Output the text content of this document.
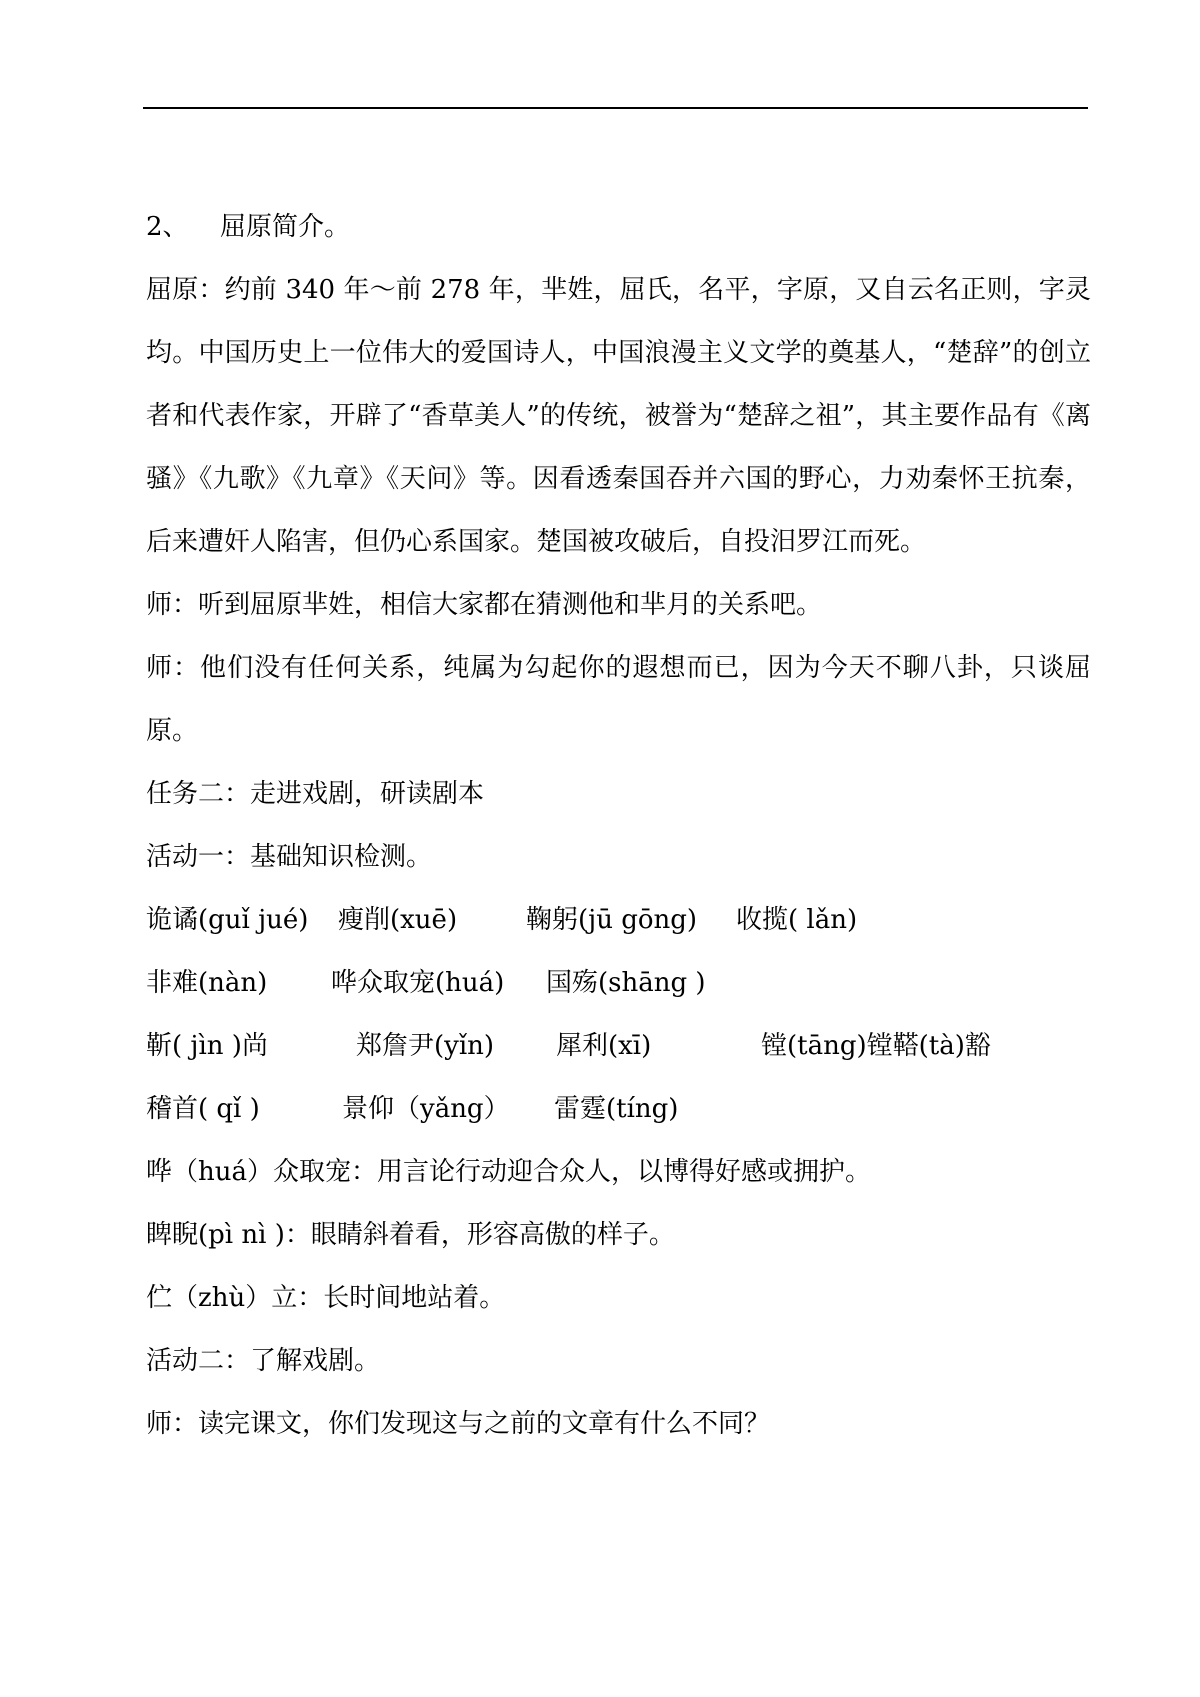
2、 屈原简介。

屈原：约前 340 年～前 278 年，芈姓，屈氏，名平，字原，又自云名正则，字灵均。中国历史上一位伟大的爱国诗人，中国浪漫主义文学的奠基人，“楚辞”的创立者和代表作家，开辟了“香草美人”的传统，被誉为“楚辞之祖”，其主要作品有《离骚》《九歌》《九章》《天问》等。因看透秦国吞并六国的野心，力劝秦怀王抗秦，后来遭奸人陷害，但仍心系国家。楚国被攻破后，自投汨罗江而死。

师：听到屈原芈姓，相信大家都在猜测他和芈月的关系吧。

师：他们没有任何关系，纯属为勾起你的遐想而已，因为今天不聊八卦，只谈屈原。

任务二：走进戏剧，研读剧本

活动一：基础知识检测。

诡谲(guǐ jué) 瘦削(xuē)	鞠躬(jū gōng) 收揽( lǎn)

非难(nàn) 哗众取宠(huá) 国殇(shāng )

靳( jìn )尚	郑詹尹(yǐn) 犀利(xī)	镗(tāng)镗鞳(tà)豁

稽首( qǐ )	景仰（yǎng） 雷霆(tíng)

哗（huá）众取宠：用言论行动迎合众人，以博得好感或拥护。

睥睨(pì nì )：眼睛斜着看，形容高傲的样子。

伫（zhù）立：长时间地站着。

活动二：了解戏剧。

师：读完课文，你们发现这与之前的文章有什么不同？
